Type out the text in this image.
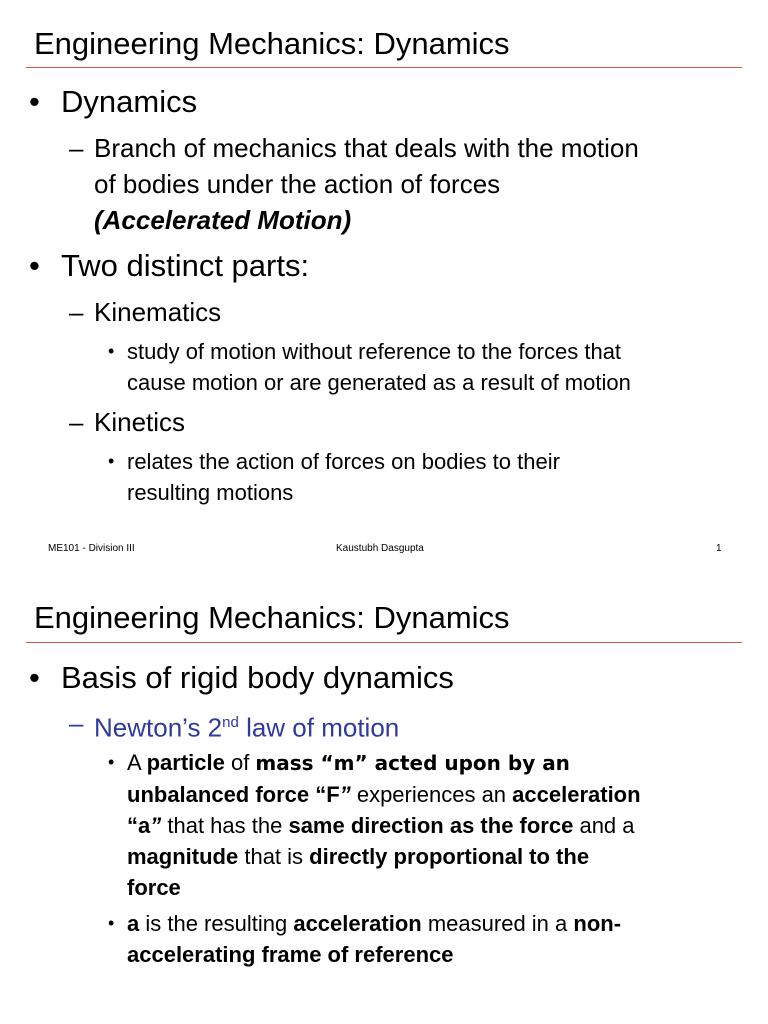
Engineering Mechanics: Dynamics
• Dynamics
– Branch of mechanics that deals with the motion
of bodies under the action of forces
(Accelerated Motion)
• Two distinct parts:
– Kinematics
• study of motion without reference to the forces that
cause motion or are generated as a result of motion
– Kinetics
• relates the action of forces on bodies to their
resulting motions
ME101 - Division III	Kaustubh Dasgupta	1
Engineering Mechanics: Dynamics
• Basis of rigid body dynamics
– Newton’s 2nd law of motion
• A particle of mass “m” acted upon by an
unbalanced force “F” experiences an acceleration
“a” that has the same direction as the force and a
magnitude that is directly proportional to the
force
• a is the resulting acceleration measured in a non-
accelerating frame of reference
